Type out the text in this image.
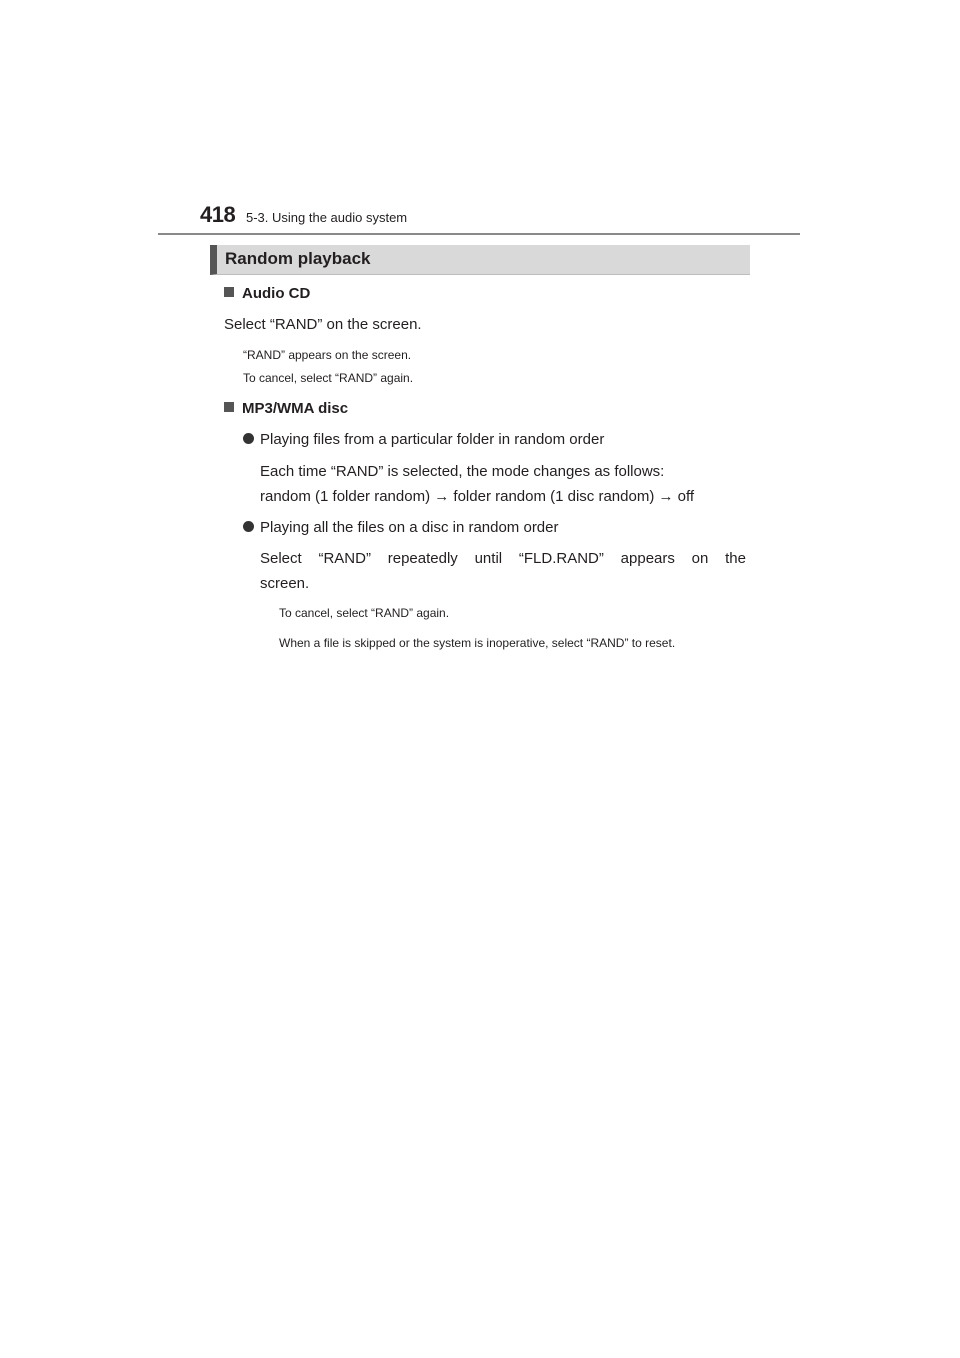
418 5-3. Using the audio system
Random playback
Audio CD
Select “RAND” on the screen.
“RAND” appears on the screen.
To cancel, select “RAND” again.
MP3/WMA disc
Playing files from a particular folder in random order
Each time “RAND” is selected, the mode changes as follows:
random (1 folder random) → folder random (1 disc random) → off
Playing all the files on a disc in random order
Select “RAND” repeatedly until “FLD.RAND” appears on the
screen.
To cancel, select “RAND” again.
When a file is skipped or the system is inoperative, select “RAND” to reset.
